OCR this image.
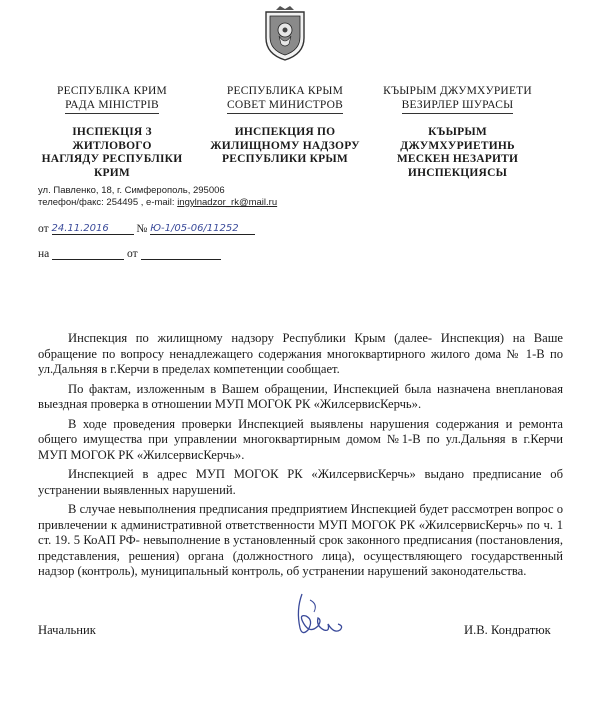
РЕСПУБЛІКА КРИМ
РАДА МІНІСТРІВ
ІНСПЕКЦІЯ З ЖИТЛОВОГО
НАГЛЯДУ РЕСПУБЛІКИ
КРИМ
РЕСПУБЛИКА КРЫМ
СОВЕТ МИНИСТРОВ
ИНСПЕКЦИЯ ПО
ЖИЛИЩНОМУ НАДЗОРУ
РЕСПУБЛИКИ КРЫМ
КЪЫРЫМ ДЖУМХУРИЕТИ
ВЕЗИРЛЕР ШУРАСЫ
КЪЫРЫМ ДЖУМХУРИЕТИНЬ
МЕСКЕН НЕЗАРИТИ
ИНСПЕКЦИЯСЫ
ул. Павленко, 18, г. Симферополь, 295006
телефон/факс: 254495 , e-mail: ingylnadzor_rk@mail.ru
от 24.11.2016 № Ю-1/05-06/11252
на	от

Инспекция по жилищному надзору Республики Крым (далее- Инспекция) на Ваше обращение по вопросу ненадлежащего содержания многоквартирного жилого дома № 1-В по ул.Дальняя в г.Керчи в пределах компетенции сообщает.

По фактам, изложенным в Вашем обращении, Инспекцией была назначена внеплановая выездная проверка в отношении МУП МОГОК РК «ЖилсервисКерчь».

В ходе проведения проверки Инспекцией выявлены нарушения содержания и ремонта общего имущества при управлении многоквартирным домом №1-В по ул.Дальняя в г.Керчи МУП МОГОК РК «ЖилсервисКерчь».

Инспекцией в адрес МУП МОГОК РК «ЖилсервисКерчь» выдано предписание об устранении выявленных нарушений.

В случае невыполнения предписания предприятием Инспекцией будет рассмотрен вопрос о привлечении к административной ответственности МУП МОГОК РК «ЖилсервисКерчь» по ч. 1 ст. 19. 5 КоАП РФ- невыполнение в установленный срок законного предписания (постановления, представления, решения) органа (должностного лица), осуществляющего государственный надзор (контроль), муниципальный контроль, об устранении нарушений законодательства.

Начальник	И.В. Кондратюк
